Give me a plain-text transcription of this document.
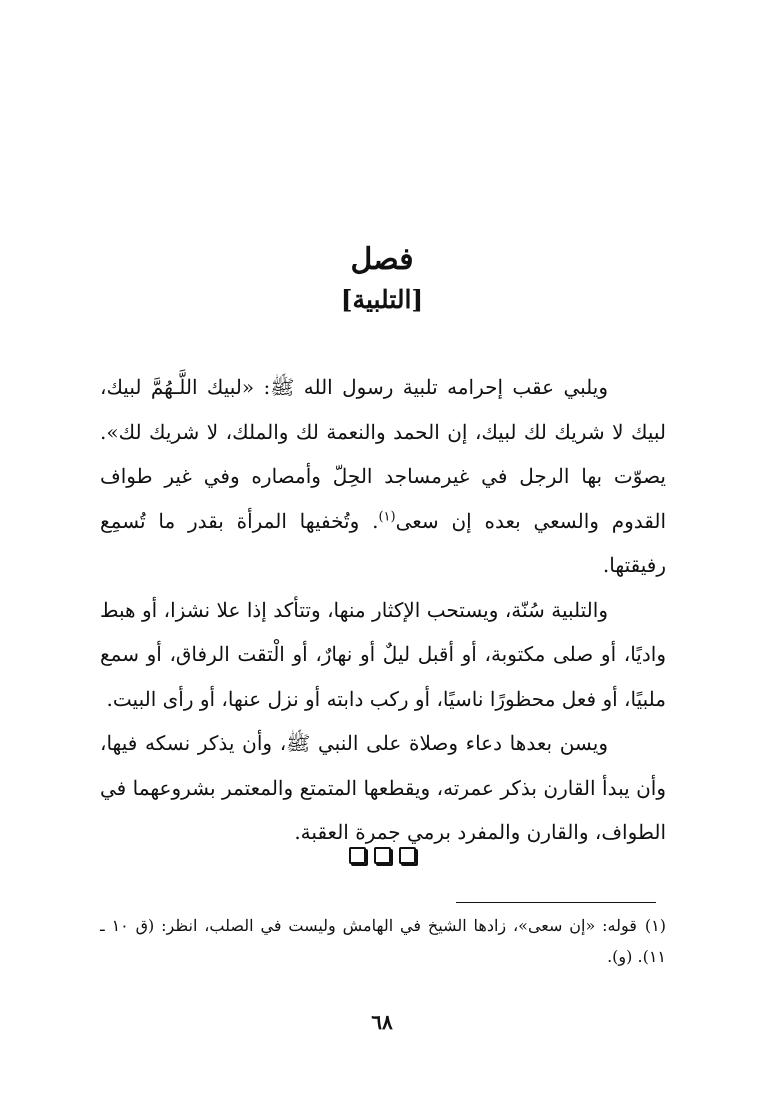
فصل
[التلبية]

ويلبي عقب إحرامه تلبية رسول الله ﷺ: «لبيك اللَّـهُمَّ لبيك، لبيك لا شريك لك لبيك، إن الحمد والنعمة لك والملك، لا شريك لك». يصوّت بها الرجل في غيرمساجد الحِلّ وأمصاره وفي غير طواف القدوم والسعي بعده إن سعى$^{(١)}$. وتُخفيها المرأة بقدر ما تُسمِع رفيقتها.

والتلبية سُنّة، ويستحب الإكثار منها، وتتأكد إذا علا نشزا، أو هبط واديًا، أو صلى مكتوبة، أو أقبل ليلٌ أو نهارٌ، أو الْتقت الرفاق، أو سمع ملبيًا، أو فعل محظورًا ناسيًا، أو ركب دابته أو نزل عنها، أو رأى البيت.

ويسن بعدها دعاء وصلاة على النبي ﷺ، وأن يذكر نسكه فيها، وأن يبدأ القارن بذكر عمرته، ويقطعها المتمتع والمعتمر بشروعهما في الطواف، والقارن والمفرد برمي جمرة العقبة.

(١)قوله: «إن سعى»، زادها الشيخ في الهامش وليست في الصلب، انظر: (ق ١٠ ـ ١١). (و).

٦٨
